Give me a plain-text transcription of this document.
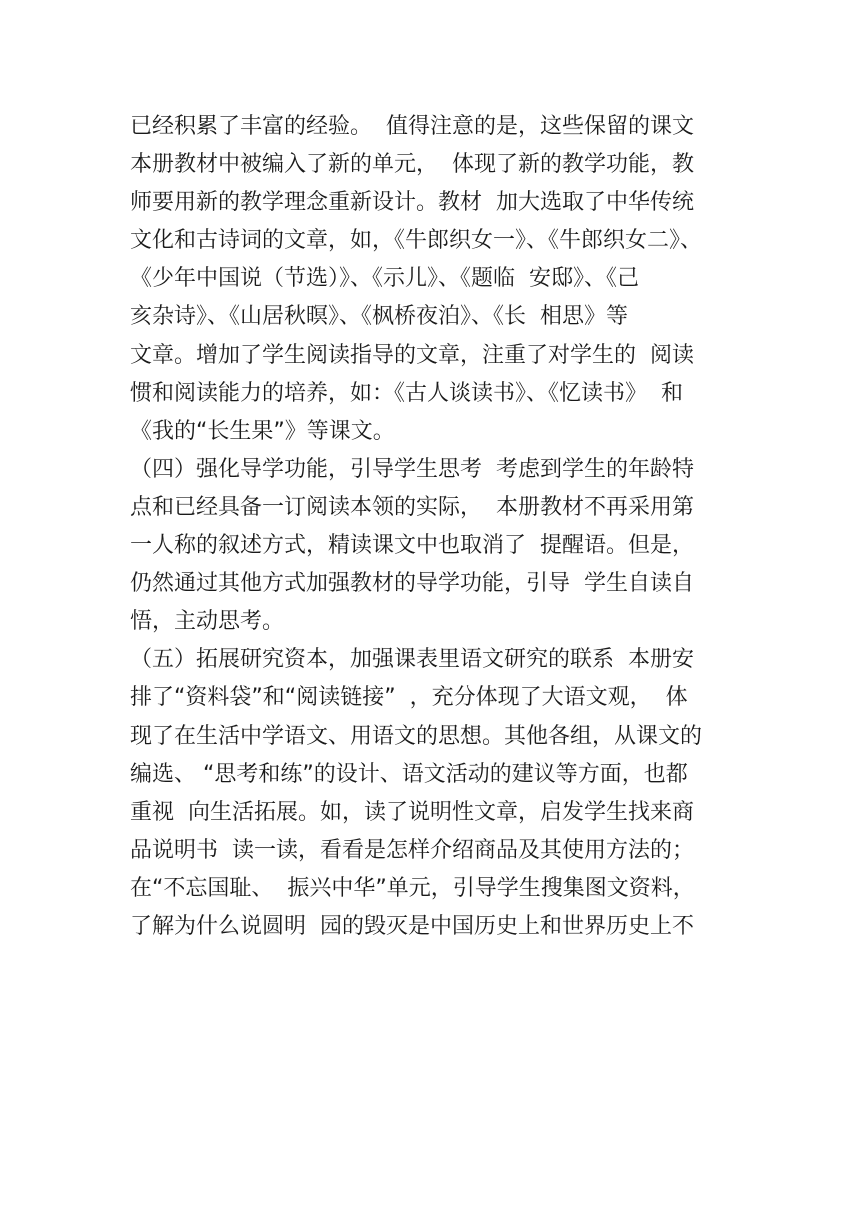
已经积累了丰富的经验。  值得注意的是，这些保留的课文
本册教材中被编入了新的单元，  体现了新的教学功能，教
师要用新的教学理念重新设计。教材  加大选取了中华传统
文化和古诗词的文章，如，《牛郎织女一》、《牛郎织女二》、
《少年中国说（节选）》、《示儿》、《题临  安邸》、《己
亥杂诗》、《山居秋暝》、《枫桥夜泊》、《长  相思》等
文章。增加了学生阅读指导的文章，注重了对学生的  阅读
惯和阅读能力的培养，如：《古人谈读书》、《忆读书》  和
《我的“长生果”》等课文。
（四）强化导学功能，引导学生思考  考虑到学生的年龄特
点和已经具备一订阅读本领的实际，  本册教材不再采用第
一人称的叙述方式，精读课文中也取消了  提醒语。但是，
仍然通过其他方式加强教材的导学功能，引导  学生自读自
悟，主动思考。
（五）拓展研究资本，加强课表里语文研究的联系  本册安
排了“资料袋”和“阅读链接”  ，充分体现了大语文观，  体
现了在生活中学语文、用语文的思想。其他各组，从课文的
编选、 “思考和练”的设计、语文活动的建议等方面，也都
重视  向生活拓展。如，读了说明性文章，启发学生找来商
品说明书  读一读，看看是怎样介绍商品及其使用方法的；
在“不忘国耻、  振兴中华”单元，引导学生搜集图文资料，
了解为什么说圆明  园的毁灭是中国历史上和世界历史上不
